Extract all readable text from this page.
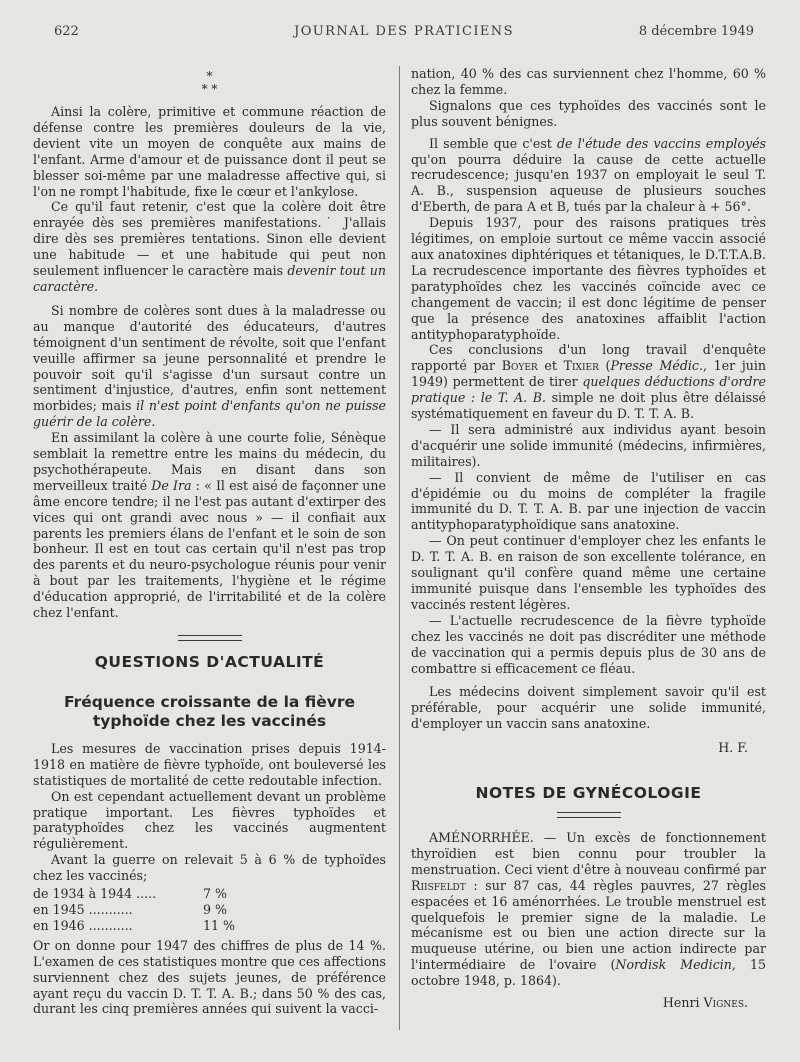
622	JOURNAL DES PRATICIENS	8 décembre 1949
*
* *

Ainsi la colère, primitive et commune réaction de défense contre les premières douleurs de la vie, devient vite un moyen de conquête aux mains de l'enfant. Arme d'amour et de puissance dont il peut se blesser soi-même par une maladresse affective qui, si l'on ne rompt l'habitude, fixe le cœur et l'ankylose.

Ce qu'il faut retenir, c'est que la colère doit être enrayée dès ses premières manifestations.˙ J'allais dire dès ses premières tentations. Sinon elle devient une habitude — et une habitude qui peut non seulement influencer le caractère mais devenir tout un caractère.

Si nombre de colères sont dues à la maladresse ou au manque d'autorité des éducateurs, d'autres témoignent d'un sentiment de révolte, soit que l'enfant veuille affirmer sa jeune personnalité et prendre le pouvoir soit qu'il s'agisse d'un sursaut contre un sentiment d'injustice, d'autres, enfin sont nettement morbides; mais il n'est point d'enfants qu'on ne puisse guérir de la colère.

En assimilant la colère à une courte folie, Sénèque semblait la remettre entre les mains du médecin, du psychothérapeute. Mais en disant dans son merveilleux traité De Ira : « Il est aisé de façonner une âme encore tendre; il ne l'est pas autant d'extirper des vices qui ont grandi avec nous » — il confiait aux parents les premiers élans de l'enfant et le soin de son bonheur. Il est en tout cas certain qu'il n'est pas trop des parents et du neuro-psychologue réunis pour venir à bout par les traitements, l'hygiène et le régime d'éducation approprié, de l'irritabilité et de la colère chez l'enfant.

QUESTIONS D'ACTUALITÉ
Fréquence croissante de la fièvre typhoïde chez les vaccinés

Les mesures de vaccination prises depuis 1914-1918 en matière de fièvre typhoïde, ont bouleversé les statistiques de mortalité de cette redoutable infection.

On est cependant actuellement devant un problème pratique important. Les fièvres typhoïdes et paratyphoïdes chez les vaccinés augmentent régulièrement.

Avant la guerre on relevait 5 à 6 % de typhoïdes chez les vaccinés;

de 1934 à 1944 .....	7 %
en 1945 ...........	9 %
en 1946 ...........	11 %

Or on donne pour 1947 des chiffres de plus de 14 %. L'examen de ces statistiques montre que ces affections surviennent chez des sujets jeunes, de préférence ayant reçu du vaccin D. T. T. A. B.; dans 50 % des cas, durant les cinq premières années qui suivent la vacci-

nation, 40 % des cas surviennent chez l'homme, 60 % chez la femme.

Signalons que ces typhoïdes des vaccinés sont le plus souvent bénignes.

Il semble que c'est de l'étude des vaccins employés qu'on pourra déduire la cause de cette actuelle recrudescence; jusqu'en 1937 on employait le seul T. A. B., suspension aqueuse de plusieurs souches d'Eberth, de para A et B, tués par la chaleur à + 56°.

Depuis 1937, pour des raisons pratiques très légitimes, on emploie surtout ce même vaccin associé aux anatoxines diphtériques et tétaniques, le D.T.T.A.B. La recrudescence importante des fièvres typhoïdes et paratyphoïdes chez les vaccinés coïncide avec ce changement de vaccin; il est donc légitime de penser que la présence des anatoxines affaiblit l'action antityphoparatyphoïde.

Ces conclusions d'un long travail d'enquête rapporté par Boyer et Tixier (Presse Médic., 1er juin 1949) permettent de tirer quelques déductions d'ordre pratique : le T. A. B. simple ne doit plus être délaissé systématiquement en faveur du D. T. T. A. B.

— Il sera administré aux individus ayant besoin d'acquérir une solide immunité (médecins, infirmières, militaires).

— Il convient de même de l'utiliser en cas d'épidémie ou du moins de compléter la fragile immunité du D. T. T. A. B. par une injection de vaccin antityphoparatyphoïdique sans anatoxine.

— On peut continuer d'employer chez les enfants le D. T. T. A. B. en raison de son excellente tolérance, en soulignant qu'il confère quand même une certaine immunité puisque dans l'ensemble les typhoïdes des vaccinés restent légères.

— L'actuelle recrudescence de la fièvre typhoïde chez les vaccinés ne doit pas discréditer une méthode de vaccination qui a permis depuis plus de 30 ans de combattre si efficacement ce fléau.

Les médecins doivent simplement savoir qu'il est préférable, pour acquérir une solide immunité, d'employer un vaccin sans anatoxine.

H. F.
NOTES DE GYNÉCOLOGIE

AMÉNORRHÉE. — Un excès de fonctionnement thyroïdien est bien connu pour troubler la menstruation. Ceci vient d'être à nouveau confirmé par Riisfeldt : sur 87 cas, 44 règles pauvres, 27 règles espacées et 16 aménorrhées. Le trouble menstruel est quelquefois le premier signe de la maladie. Le mécanisme est ou bien une action directe sur la muqueuse utérine, ou bien une action indirecte par l'intermédiaire de l'ovaire (Nordisk Medicin, 15 octobre 1948, p. 1864).

Henri Vignes.
